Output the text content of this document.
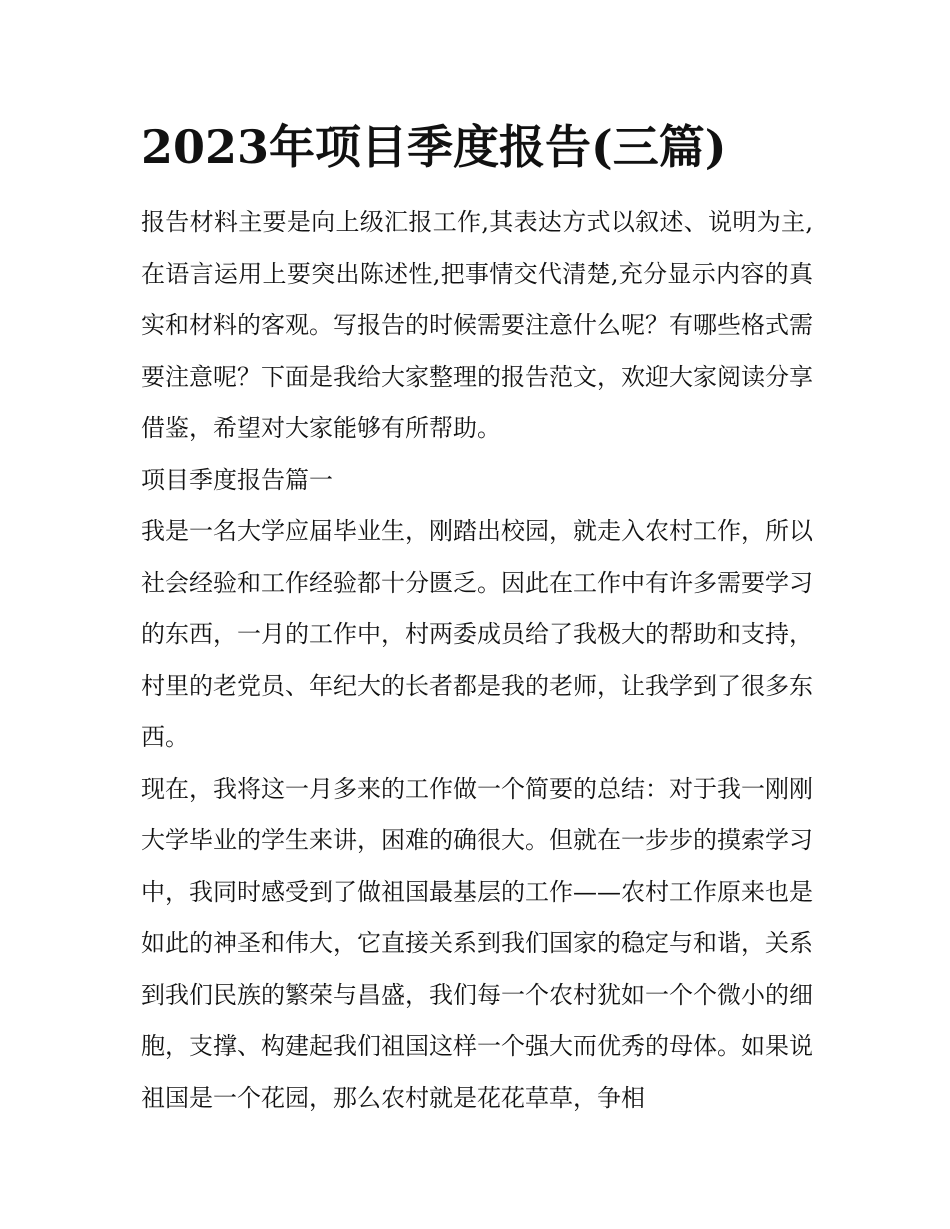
2023年项目季度报告(三篇)

报告材料主要是向上级汇报工作,其表达方式以叙述、说明为主,在语言运用上要突出陈述性,把事情交代清楚,充分显示内容的真实和材料的客观。写报告的时候需要注意什么呢？有哪些格式需要注意呢？下面是我给大家整理的报告范文，欢迎大家阅读分享借鉴，希望对大家能够有所帮助。

项目季度报告篇一

我是一名大学应届毕业生，刚踏出校园，就走入农村工作，所以社会经验和工作经验都十分匮乏。因此在工作中有许多需要学习的东西，一月的工作中，村两委成员给了我极大的帮助和支持，村里的老党员、年纪大的长者都是我的老师，让我学到了很多东西。

现在，我将这一月多来的工作做一个简要的总结：对于我一刚刚大学毕业的学生来讲，困难的确很大。但就在一步步的摸索学习中，我同时感受到了做祖国最基层的工作——农村工作原来也是如此的神圣和伟大，它直接关系到我们国家的稳定与和谐，关系到我们民族的繁荣与昌盛，我们每一个农村犹如一个个微小的细胞，支撑、构建起我们祖国这样一个强大而优秀的母体。如果说祖国是一个花园，那么农村就是花花草草，争相
